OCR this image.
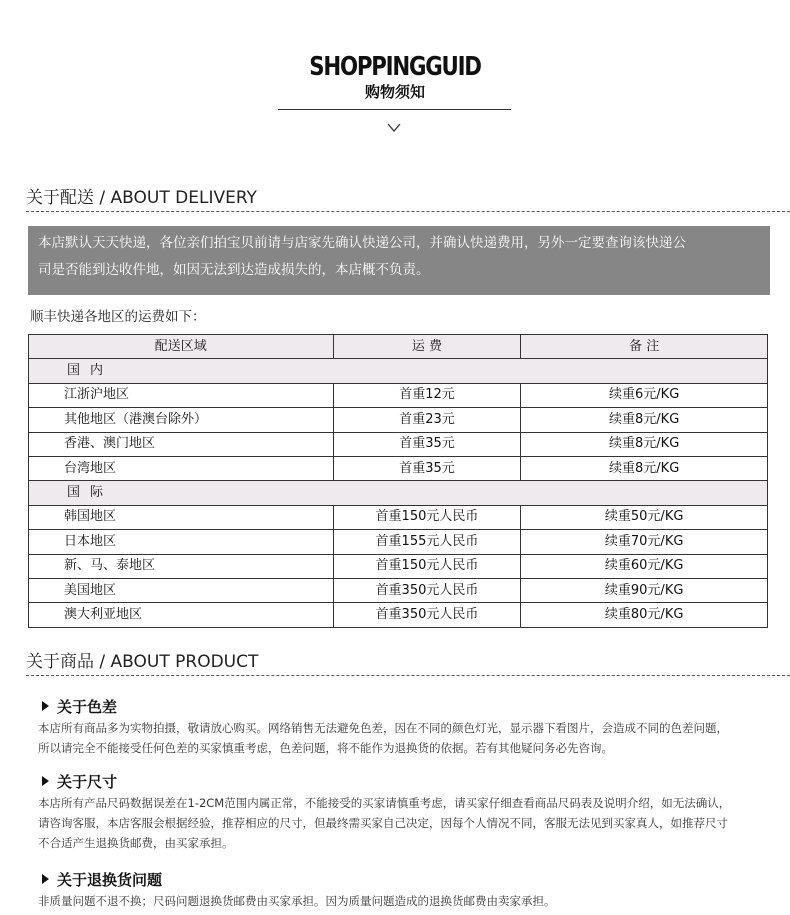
SHOPPINGGUID
购物须知
关于配送 / ABOUT DELIVERY
本店默认天天快递，各位亲们拍宝贝前请与店家先确认快递公司，并确认快递费用，另外一定要查询该快递公
司是否能到达收件地，如因无法到达造成损失的，本店概不负责。
顺丰快递各地区的运费如下：
配送区域	运 费	备 注
国内		
江浙沪地区	首重12元	续重6元/KG
其他地区（港澳台除外）	首重23元	续重8元/KG
香港、澳门地区	首重35元	续重8元/KG
台湾地区	首重35元	续重8元/KG
国际		
韩国地区	首重150元人民币	续重50元/KG
日本地区	首重155元人民币	续重70元/KG
新、马、泰地区	首重150元人民币	续重60元/KG
美国地区	首重350元人民币	续重90元/KG
澳大利亚地区	首重350元人民币	续重80元/KG
关于商品 / ABOUT PRODUCT
关于色差
本店所有商品多为实物拍摄，敬请放心购买。网络销售无法避免色差，因在不同的颜色灯光，显示器下看图片，会造成不同的色差问题，
所以请完全不能接受任何色差的买家慎重考虑，色差问题，将不能作为退换货的依据。若有其他疑问务必先咨询。
关于尺寸
本店所有产品尺码数据误差在1-2CM范围内属正常，不能接受的买家请慎重考虑，请买家仔细查看商品尺码表及说明介绍，如无法确认，
请咨询客服，本店客服会根据经验，推荐相应的尺寸，但最终需买家自己决定，因每个人情况不同，客服无法见到买家真人，如推荐尺寸
不合适产生退换货邮费，由买家承担。
关于退换货问题
非质量问题不退不换；尺码问题退换货邮费由买家承担。因为质量问题造成的退换货邮费由卖家承担。
